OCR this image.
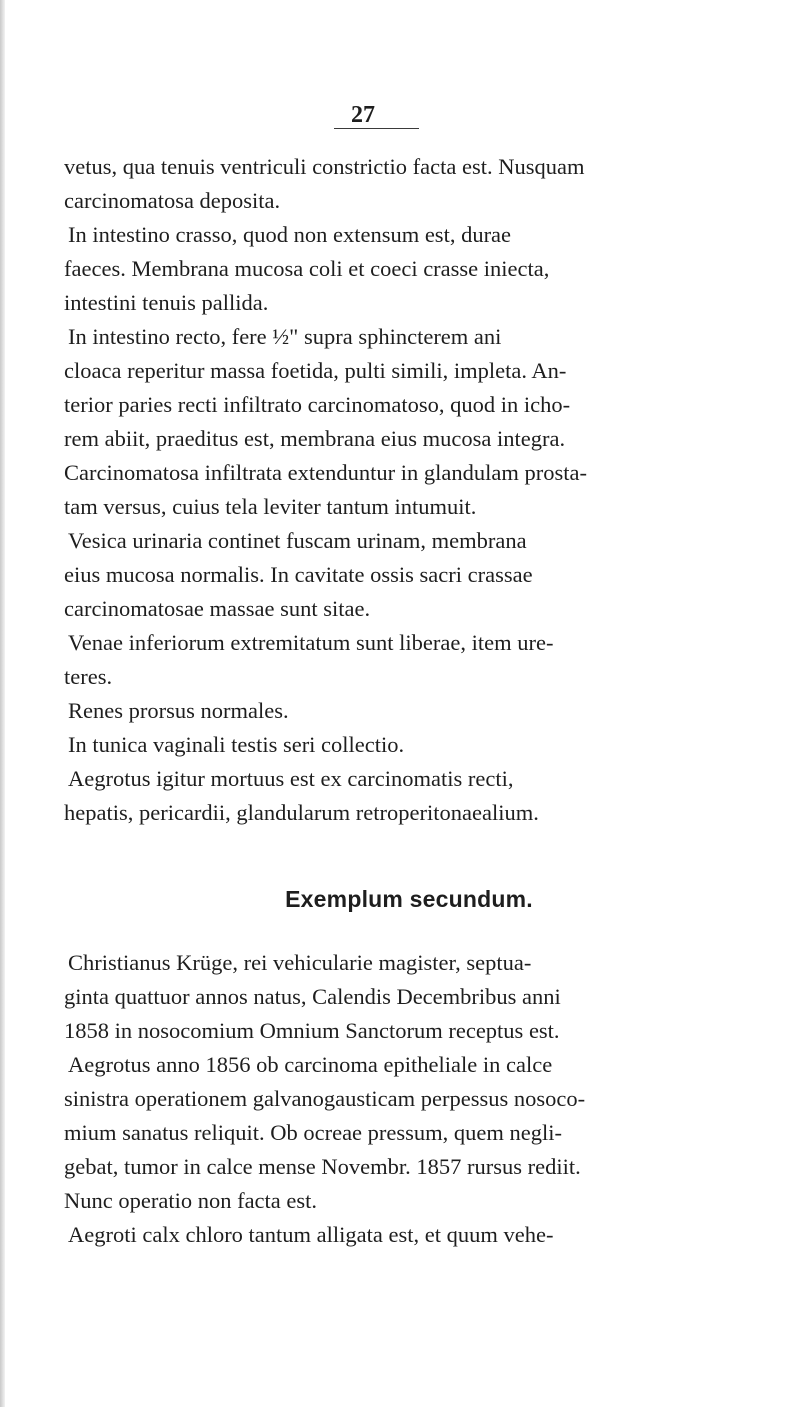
27
vetus, qua tenuis ventriculi constrictio facta est. Nusquam
carcinomatosa deposita.
In intestino crasso, quod non extensum est, durae
faeces. Membrana mucosa coli et coeci crasse iniecta,
intestini tenuis pallida.
In intestino recto, fere ½" supra sphincterem ani
cloaca reperitur massa foetida, pulti simili, impleta. An-
terior paries recti infiltrato carcinomatoso, quod in icho-
rem abiit, praeditus est, membrana eius mucosa integra.
Carcinomatosa infiltrata extenduntur in glandulam prosta-
tam versus, cuius tela leviter tantum intumuit.
Vesica urinaria continet fuscam urinam, membrana
eius mucosa normalis. In cavitate ossis sacri crassae
carcinomatosae massae sunt sitae.
Venae inferiorum extremitatum sunt liberae, item ure-
teres.
Renes prorsus normales.
In tunica vaginali testis seri collectio.
Aegrotus igitur mortuus est ex carcinomatis recti,
hepatis, pericardii, glandularum retroperitonaealium.
Exemplum secundum.
Christianus Krüge, rei vehicularie magister, septua-
ginta quattuor annos natus, Calendis Decembribus anni
1858 in nosocomium Omnium Sanctorum receptus est.
Aegrotus anno 1856 ob carcinoma epitheliale in calce
sinistra operationem galvanogausticam perpessus nosoco-
mium sanatus reliquit. Ob ocreae pressum, quem negli-
gebat, tumor in calce mense Novembr. 1857 rursus rediit.
Nunc operatio non facta est.
Aegroti calx chloro tantum alligata est, et quum vehe-
